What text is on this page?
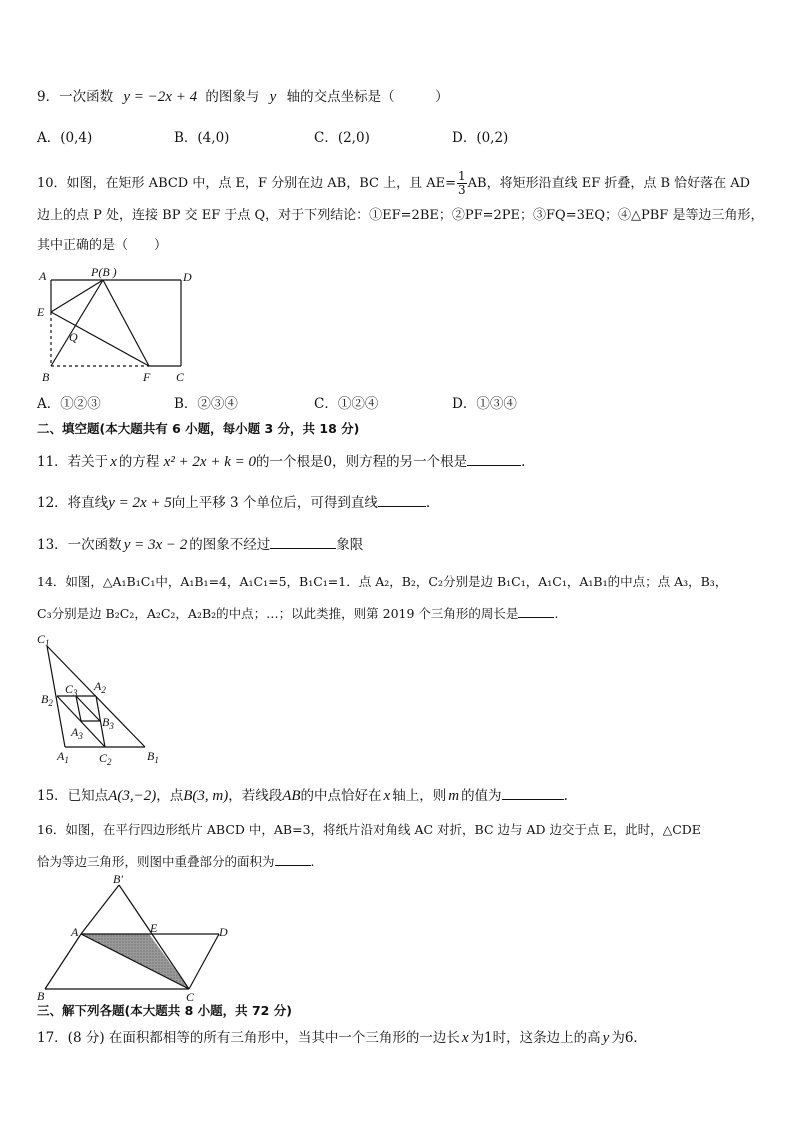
9．一次函数 y = −2x + 4 的图象与 y 轴的交点坐标是（　　　）
A．(0,4)	B．(4,0)	C．(2,0)	D．(0,2)
10．如图，在矩形 ABCD 中，点 E，F 分别在边 AB，BC 上，且 $AE= \frac{1}{3}$ AB，将矩形沿直线 EF 折叠，点 B 恰好落在 AD
边上的点 P 处，连接 BP 交 EF 于点 Q，对于下列结论：①EF=2BE；②PF=2PE；③FQ=3EQ；④△PBF 是等边三角形，
其中正确的是（　　）
A	P(B )	D
E
Q
B	F C
A．①②③	B．②③④	C．①②④	D．①③④
二、填空题(本大题共有 6 小题，每小题 3 分，共 18 分)
11．若关于 x 的方程 x² + 2x + k = 0的一个根是0，则方程的另一个根是	.
12．将直线y = 2x + 5向上平移 3 个单位后，可得到直线	.
13．一次函数 y = 3x − 2 的图象不经过	象限
14．如图，△A₁B₁C₁中，A₁B₁=4，A₁C₁=5，B₁C₁=1．点 A₂，B₂，C₂分别是边 B₁C₁，A₁C₁，A₁B₁的中点；点 A₃，B₃，
C₃分别是边 B₂C₂，A₂C₂，A₂B₂的中点；…；以此类推，则第 2019 个三角形的周长是	.
$C_1$
$C_3$ $A_2$
$B_2$
$B_3$
$A_3$
$A_1$	$C_2$	$B_1$
15．已知点A(3,−2)，点B(3, m)，若线段AB的中点恰好在 x 轴上，则 m 的值为	.
16．如图，在平行四边形纸片 ABCD 中，AB=3，将纸片沿对角线 AC 对折，BC 边与 AD 边交于点 E，此时，△CDE
恰为等边三角形，则图中重叠部分的面积为	.
B′
A	E	D
B	C
三、解下列各题(本大题共 8 小题，共 72 分)
17．(8 分) 在面积都相等的所有三角形中，当其中一个三角形的一边长 x 为1时，这条边上的高 y 为6．
